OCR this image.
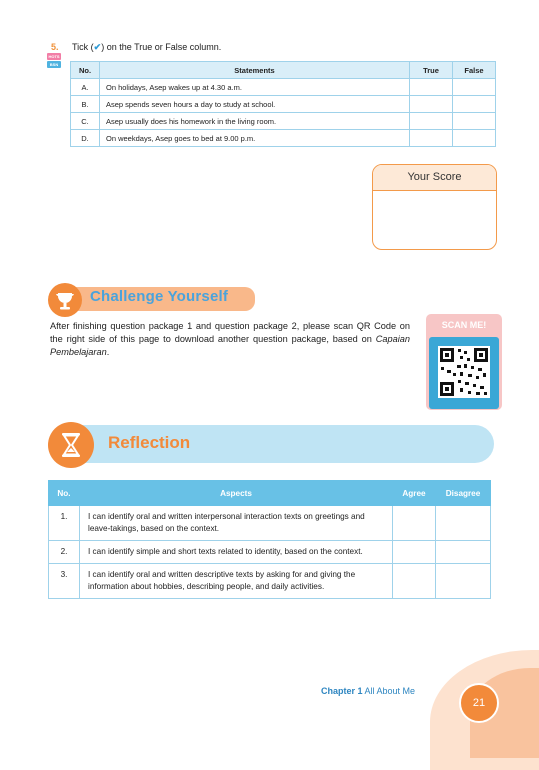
5. Tick (✔) on the True or False column.
HOTS
BSN
No.	Statements	True	False
A.	On holidays, Asep wakes up at 4.30 a.m.		
B.	Asep spends seven hours a day to study at school.		
C.	Asep usually does his homework in the living room.		
D.	On weekdays, Asep goes to bed at 9.00 p.m.		
Your Score
Challenge Yourself
After finishing question package 1 and question package 2, please scan QR Code on the right side of this page to download another question package, based on Capaian Pembelajaran.
SCAN ME!
Reflection
No.	Aspects	Agree	Disagree
1.	I can identify oral and written interpersonal interaction texts on greetings and leave-takings, based on the context.		
2.	I can identify simple and short texts related to identity, based on the context.		
3.	I can identify oral and written descriptive texts by asking for and giving the information about hobbies, describing people, and daily activities.		
Chapter 1 All About Me
21
